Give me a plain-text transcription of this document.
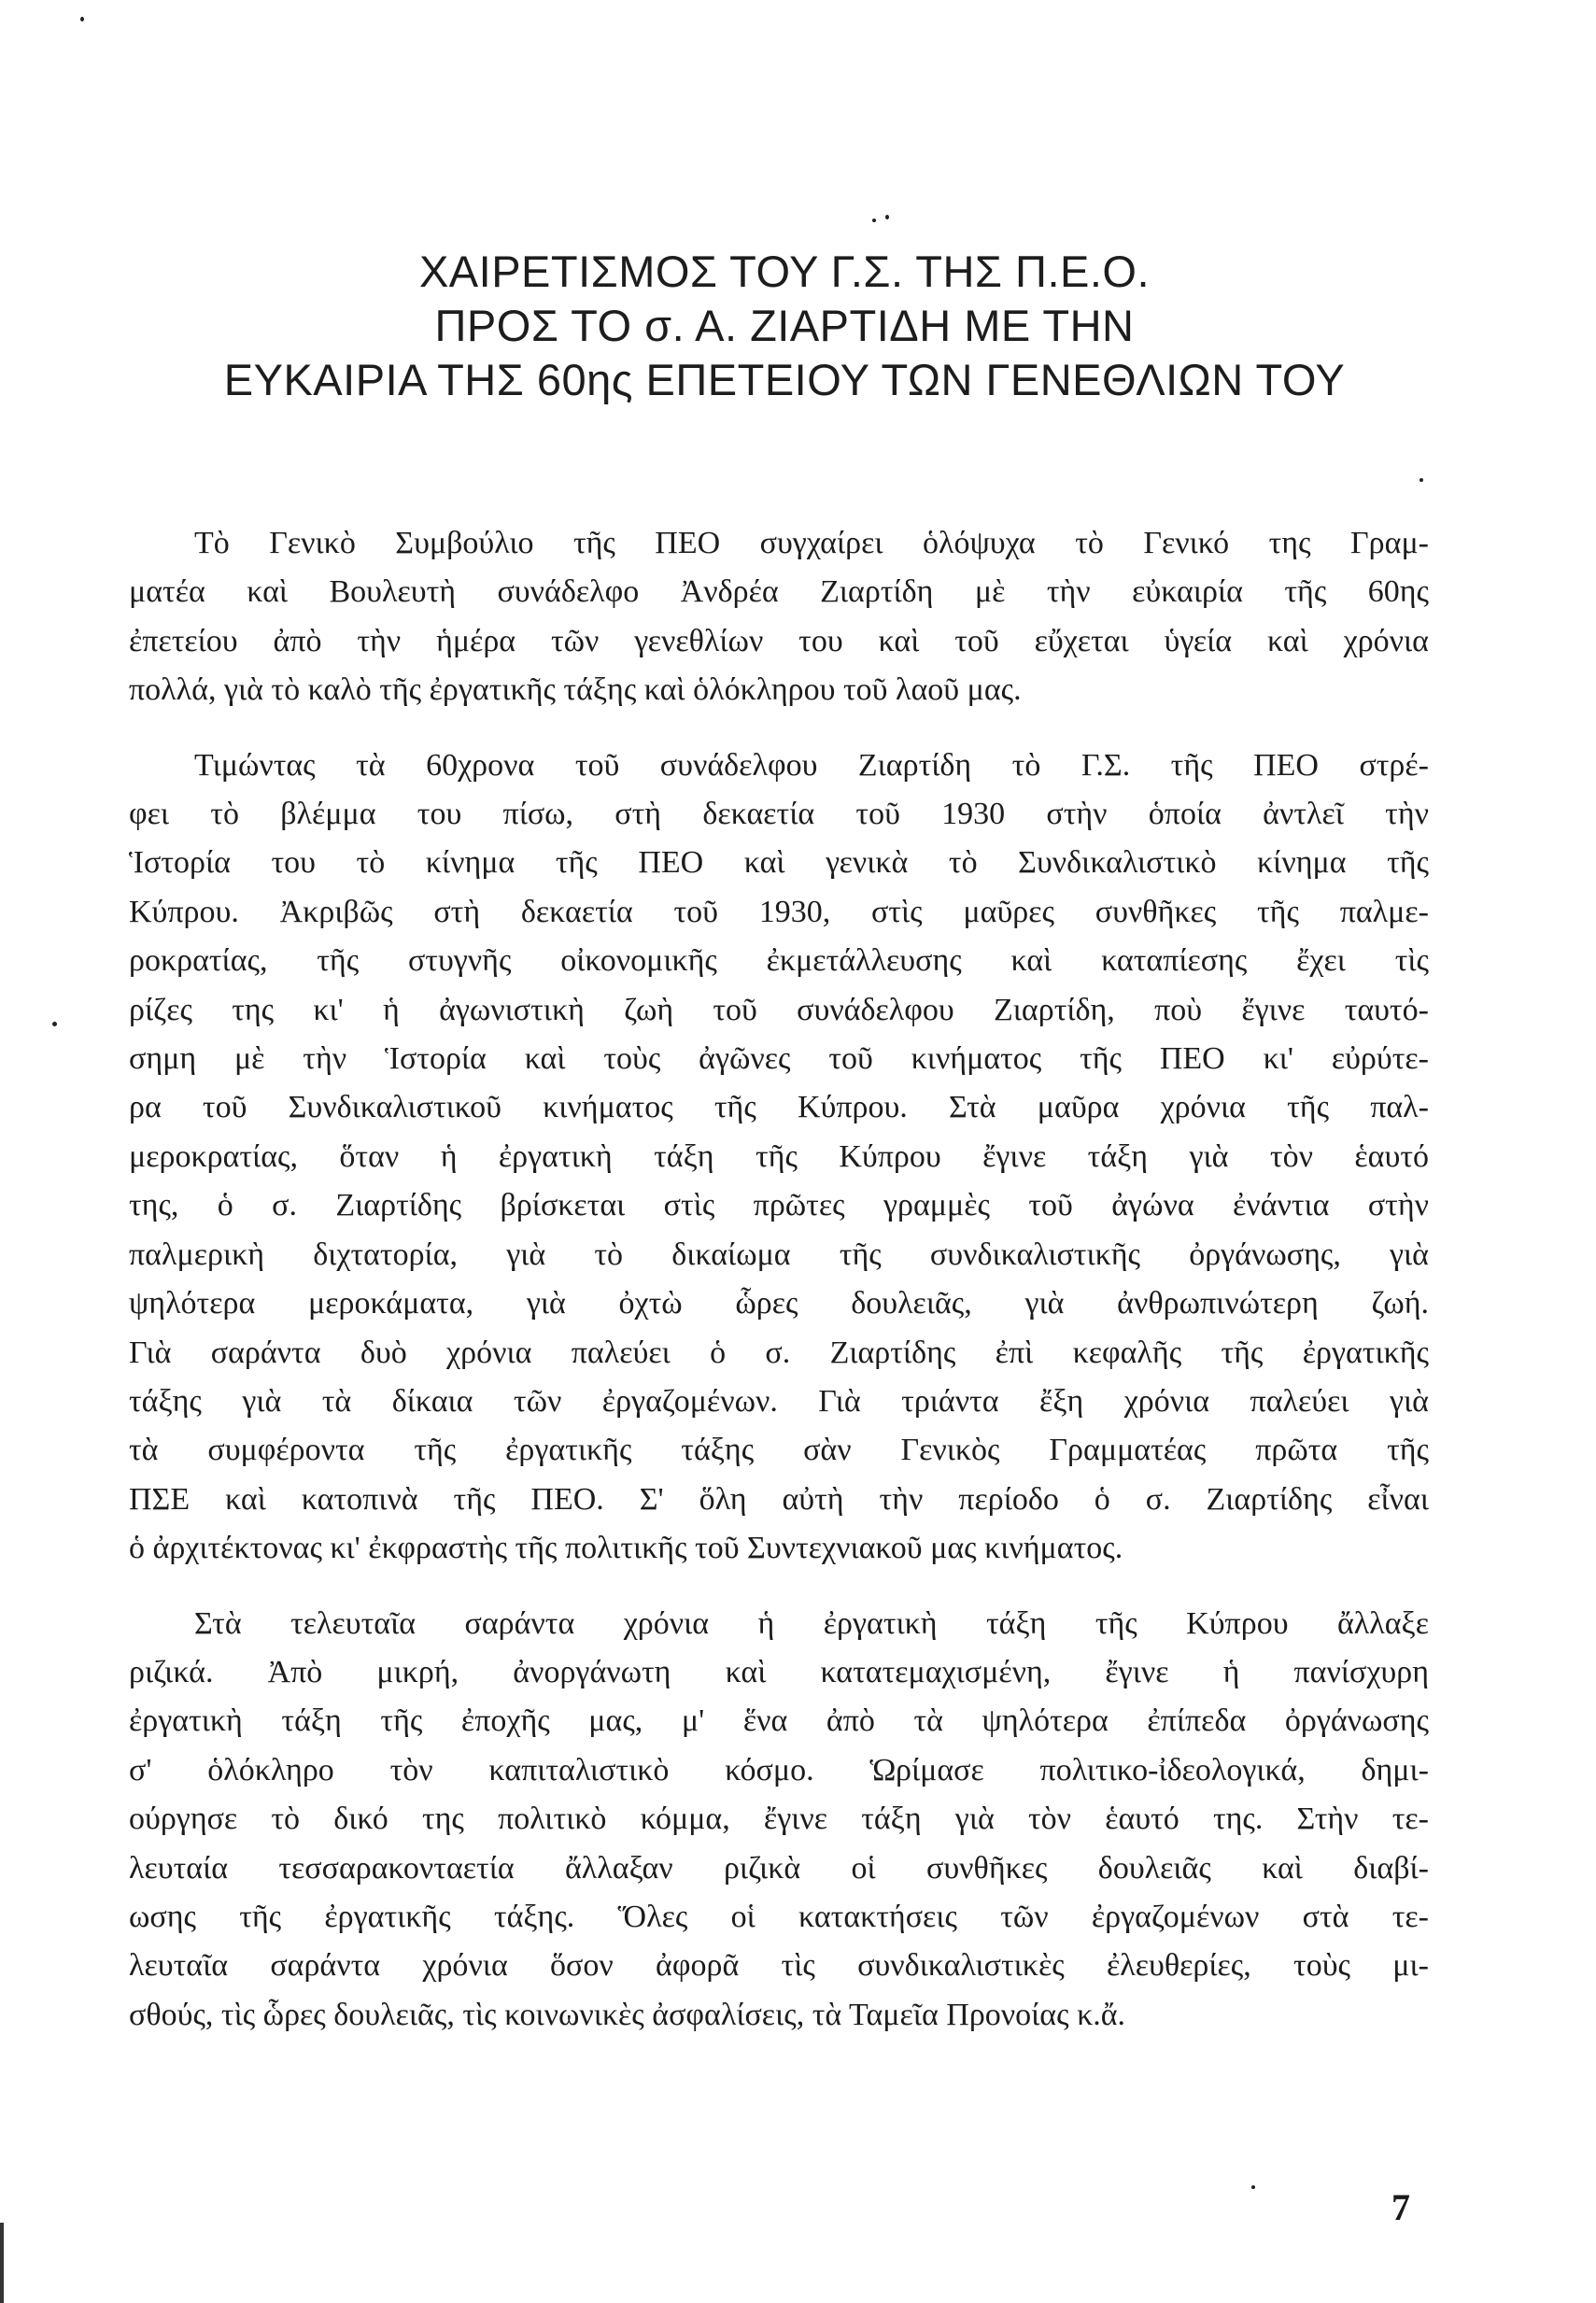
ΧΑΙΡΕΤΙΣΜΟΣ ΤΟΥ Γ.Σ. ΤΗΣ Π.Ε.Ο.
ΠΡΟΣ ΤΟ σ. Α. ΖΙΑΡΤΙΔΗ ΜΕ ΤΗΝ
ΕΥΚΑΙΡΙΑ ΤΗΣ 60ης ΕΠΕΤΕΙΟΥ ΤΩΝ ΓΕΝΕΘΛΙΩΝ ΤΟΥ
Τὸ Γενικὸ Συμβούλιο τῆς ΠΕΟ συγχαίρει ὁλόψυχα τὸ Γενικό της Γραμ-
ματέα καὶ Βουλευτὴ συνάδελφο Ἀνδρέα Ζιαρτίδη μὲ τὴν εὐκαιρία τῆς 60ης
ἐπετείου ἀπὸ τὴν ἡμέρα τῶν γενεθλίων του καὶ τοῦ εὔχεται ὑγεία καὶ χρόνια
πολλά, γιὰ τὸ καλὸ τῆς ἐργατικῆς τάξης καὶ ὁλόκληρου τοῦ λαοῦ μας.
Τιμώντας τὰ 60χρονα τοῦ συνάδελφου Ζιαρτίδη τὸ Γ.Σ. τῆς ΠΕΟ στρέ-
φει τὸ βλέμμα του πίσω, στὴ δεκαετία τοῦ 1930 στὴν ὁποία ἀντλεῖ τὴν
Ἱστορία του τὸ κίνημα τῆς ΠΕΟ καὶ γενικὰ τὸ Συνδικαλιστικὸ κίνημα τῆς
Κύπρου. Ἀκριβῶς στὴ δεκαετία τοῦ 1930, στὶς μαῦρες συνθῆκες τῆς παλμε-
ροκρατίας, τῆς στυγνῆς οἰκονομικῆς ἐκμετάλλευσης καὶ καταπίεσης ἔχει τὶς
ρίζες της κι' ἡ ἀγωνιστικὴ ζωὴ τοῦ συνάδελφου Ζιαρτίδη, ποὺ ἔγινε ταυτό-
σημη μὲ τὴν Ἱστορία καὶ τοὺς ἀγῶνες τοῦ κινήματος τῆς ΠΕΟ κι' εὐρύτε-
ρα τοῦ Συνδικαλιστικοῦ κινήματος τῆς Κύπρου. Στὰ μαῦρα χρόνια τῆς παλ-
μεροκρατίας, ὅταν ἡ ἐργατικὴ τάξη τῆς Κύπρου ἔγινε τάξη γιὰ τὸν ἑαυτό
της, ὁ σ. Ζιαρτίδης βρίσκεται στὶς πρῶτες γραμμὲς τοῦ ἀγώνα ἐνάντια στὴν
παλμερικὴ διχτατορία, γιὰ τὸ δικαίωμα τῆς συνδικαλιστικῆς ὀργάνωσης, γιὰ
ψηλότερα μεροκάματα, γιὰ ὀχτὼ ὧρες δουλειᾶς, γιὰ ἀνθρωπινώτερη ζωή.
Γιὰ σαράντα δυὸ χρόνια παλεύει ὁ σ. Ζιαρτίδης ἐπὶ κεφαλῆς τῆς ἐργατικῆς
τάξης γιὰ τὰ δίκαια τῶν ἐργαζομένων. Γιὰ τριάντα ἔξη χρόνια παλεύει γιὰ
τὰ συμφέροντα τῆς ἐργατικῆς τάξης σὰν Γενικὸς Γραμματέας πρῶτα τῆς
ΠΣΕ καὶ κατοπινὰ τῆς ΠΕΟ. Σ' ὅλη αὐτὴ τὴν περίοδο ὁ σ. Ζιαρτίδης εἶναι
ὁ ἀρχιτέκτονας κι' ἐκφραστὴς τῆς πολιτικῆς τοῦ Συντεχνιακοῦ μας κινήματος.
Στὰ τελευταῖα σαράντα χρόνια ἡ ἐργατικὴ τάξη τῆς Κύπρου ἄλλαξε
ριζικά. Ἀπὸ μικρή, ἀνοργάνωτη καὶ κατατεμαχισμένη, ἔγινε ἡ πανίσχυρη
ἐργατικὴ τάξη τῆς ἐποχῆς μας, μ' ἕνα ἀπὸ τὰ ψηλότερα ἐπίπεδα ὀργάνωσης
σ' ὁλόκληρο τὸν καπιταλιστικὸ κόσμο. Ὡρίμασε πολιτικο-ἰδεολογικά, δημι-
ούργησε τὸ δικό της πολιτικὸ κόμμα, ἔγινε τάξη γιὰ τὸν ἑαυτό της. Στὴν τε-
λευταία τεσσαρακονταετία ἄλλαξαν ριζικὰ οἱ συνθῆκες δουλειᾶς καὶ διαβί-
ωσης τῆς ἐργατικῆς τάξης. Ὅλες οἱ κατακτήσεις τῶν ἐργαζομένων στὰ τε-
λευταῖα σαράντα χρόνια ὅσον ἀφορᾶ τὶς συνδικαλιστικὲς ἐλευθερίες, τοὺς μι-
σθούς, τὶς ὧρες δουλειᾶς, τὶς κοινωνικὲς ἀσφαλίσεις, τὰ Ταμεῖα Προνοίας κ.ἄ.
7
